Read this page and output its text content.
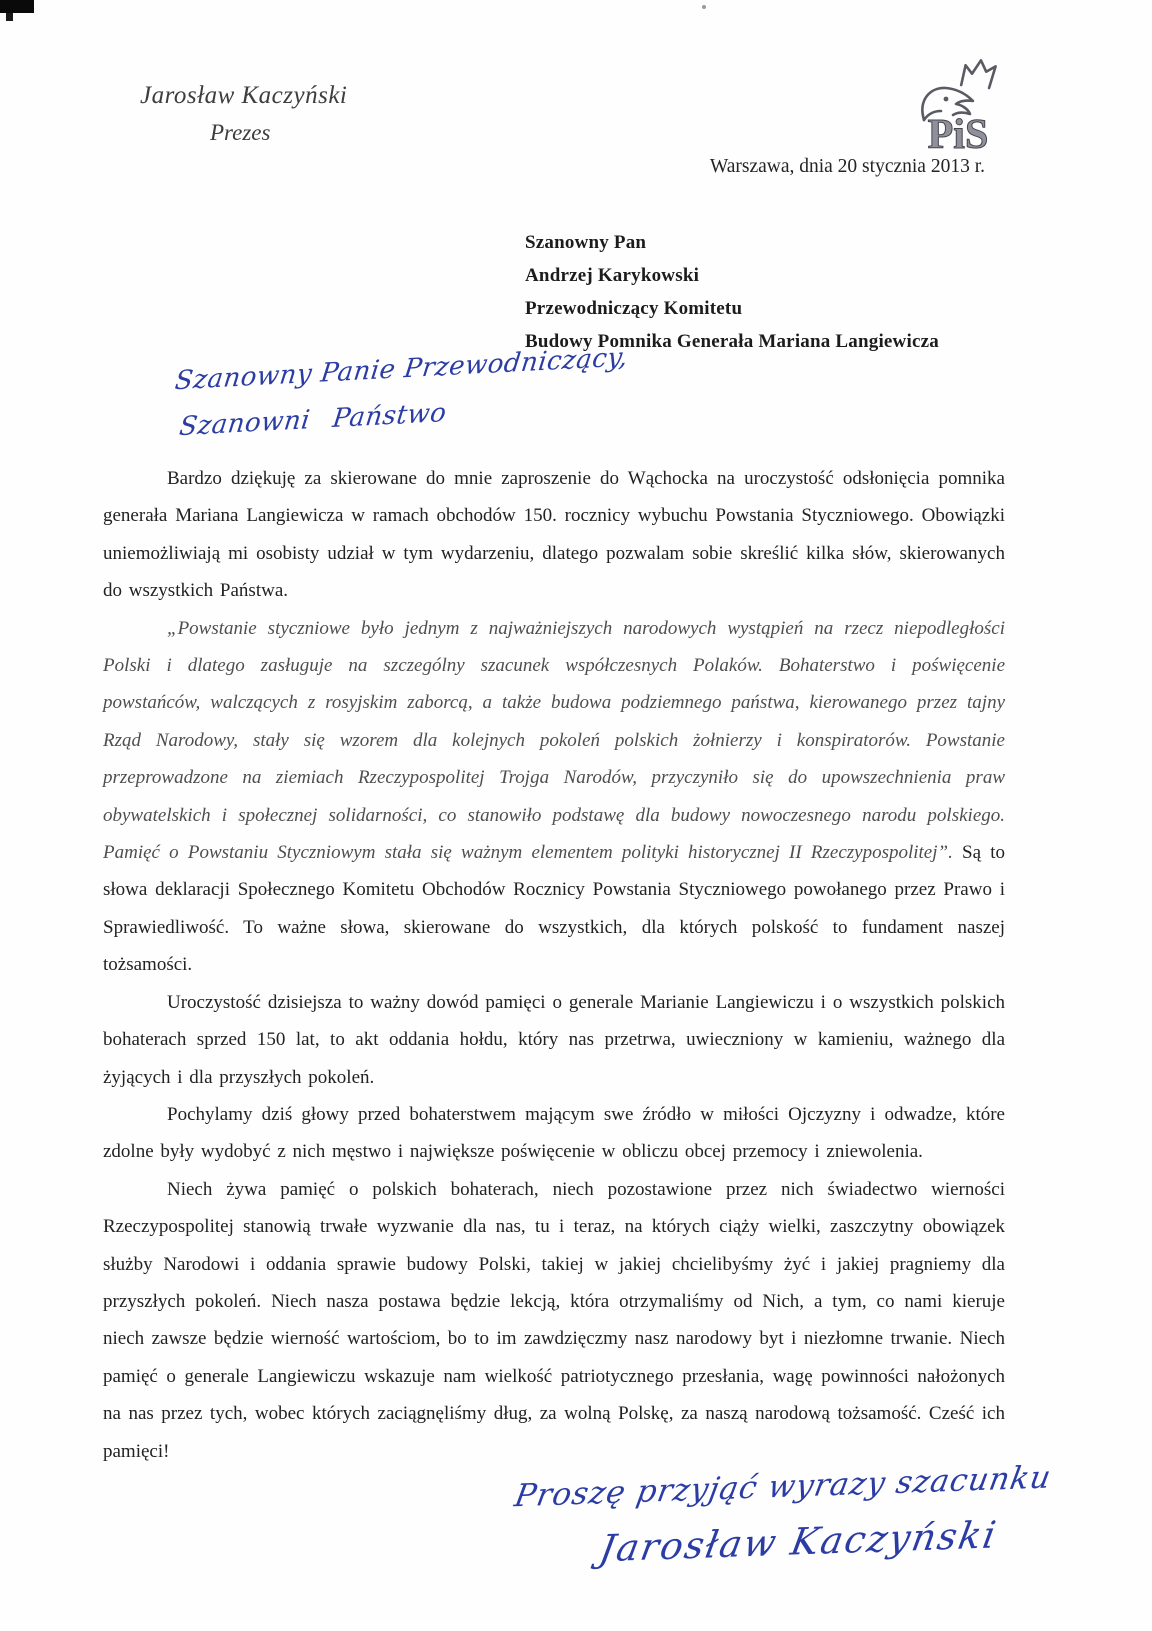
Jarosław Kaczyński
Prezes	PiS
Warszawa, dnia 20 stycznia 2013 r.
Szanowny Pan
Andrzej Karykowski
Przewodniczący Komitetu
Budowy Pomnika Generała Mariana Langiewicza
Szanowny Panie Przewodniczący,
Szanowni Państwo

Bardzo dziękuję za skierowane do mnie zaproszenie do Wąchocka na uroczystość odsłonięcia pomnika generała Mariana Langiewicza w ramach obchodów 150. rocznicy wybuchu Powstania Styczniowego. Obowiązki uniemożliwiają mi osobisty udział w tym wydarzeniu, dlatego pozwalam sobie skreślić kilka słów, skierowanych do wszystkich Państwa.

„Powstanie styczniowe było jednym z najważniejszych narodowych wystąpień na rzecz niepodległości Polski i dlatego zasługuje na szczególny szacunek współczesnych Polaków. Bohaterstwo i poświęcenie powstańców, walczących z rosyjskim zaborcą, a także budowa podziemnego państwa, kierowanego przez tajny Rząd Narodowy, stały się wzorem dla kolejnych pokoleń polskich żołnierzy i konspiratorów. Powstanie przeprowadzone na ziemiach Rzeczypospolitej Trojga Narodów, przyczyniło się do upowszechnienia praw obywatelskich i społecznej solidarności, co stanowiło podstawę dla budowy nowoczesnego narodu polskiego. Pamięć o Powstaniu Styczniowym stała się ważnym elementem polityki historycznej II Rzeczypospolitej”. Są to słowa deklaracji Społecznego Komitetu Obchodów Rocznicy Powstania Styczniowego powołanego przez Prawo i Sprawiedliwość. To ważne słowa, skierowane do wszystkich, dla których polskość to fundament naszej tożsamości.

Uroczystość dzisiejsza to ważny dowód pamięci o generale Marianie Langiewiczu i o wszystkich polskich bohaterach sprzed 150 lat, to akt oddania hołdu, który nas przetrwa, uwieczniony w kamieniu, ważnego dla żyjących i dla przyszłych pokoleń.

Pochylamy dziś głowy przed bohaterstwem mającym swe źródło w miłości Ojczyzny i odwadze, które zdolne były wydobyć z nich męstwo i największe poświęcenie w obliczu obcej przemocy i zniewolenia.

Niech żywa pamięć o polskich bohaterach, niech pozostawione przez nich świadectwo wierności Rzeczypospolitej stanowią trwałe wyzwanie dla nas, tu i teraz, na których ciąży wielki, zaszczytny obowiązek służby Narodowi i oddania sprawie budowy Polski, takiej w jakiej chcielibyśmy żyć i jakiej pragniemy dla przyszłych pokoleń. Niech nasza postawa będzie lekcją, która otrzymaliśmy od Nich, a tym, co nami kieruje niech zawsze będzie wierność wartościom, bo to im zawdzięczmy nasz narodowy byt i niezłomne trwanie. Niech pamięć o generale Langiewiczu wskazuje nam wielkość patriotycznego przesłania, wagę powinności nałożonych na nas przez tych, wobec których zaciągnęliśmy dług, za wolną Polskę, za naszą narodową tożsamość. Cześć ich pamięci!

Proszę przyjąć wyrazy szacunku
Jarosław Kaczyński
